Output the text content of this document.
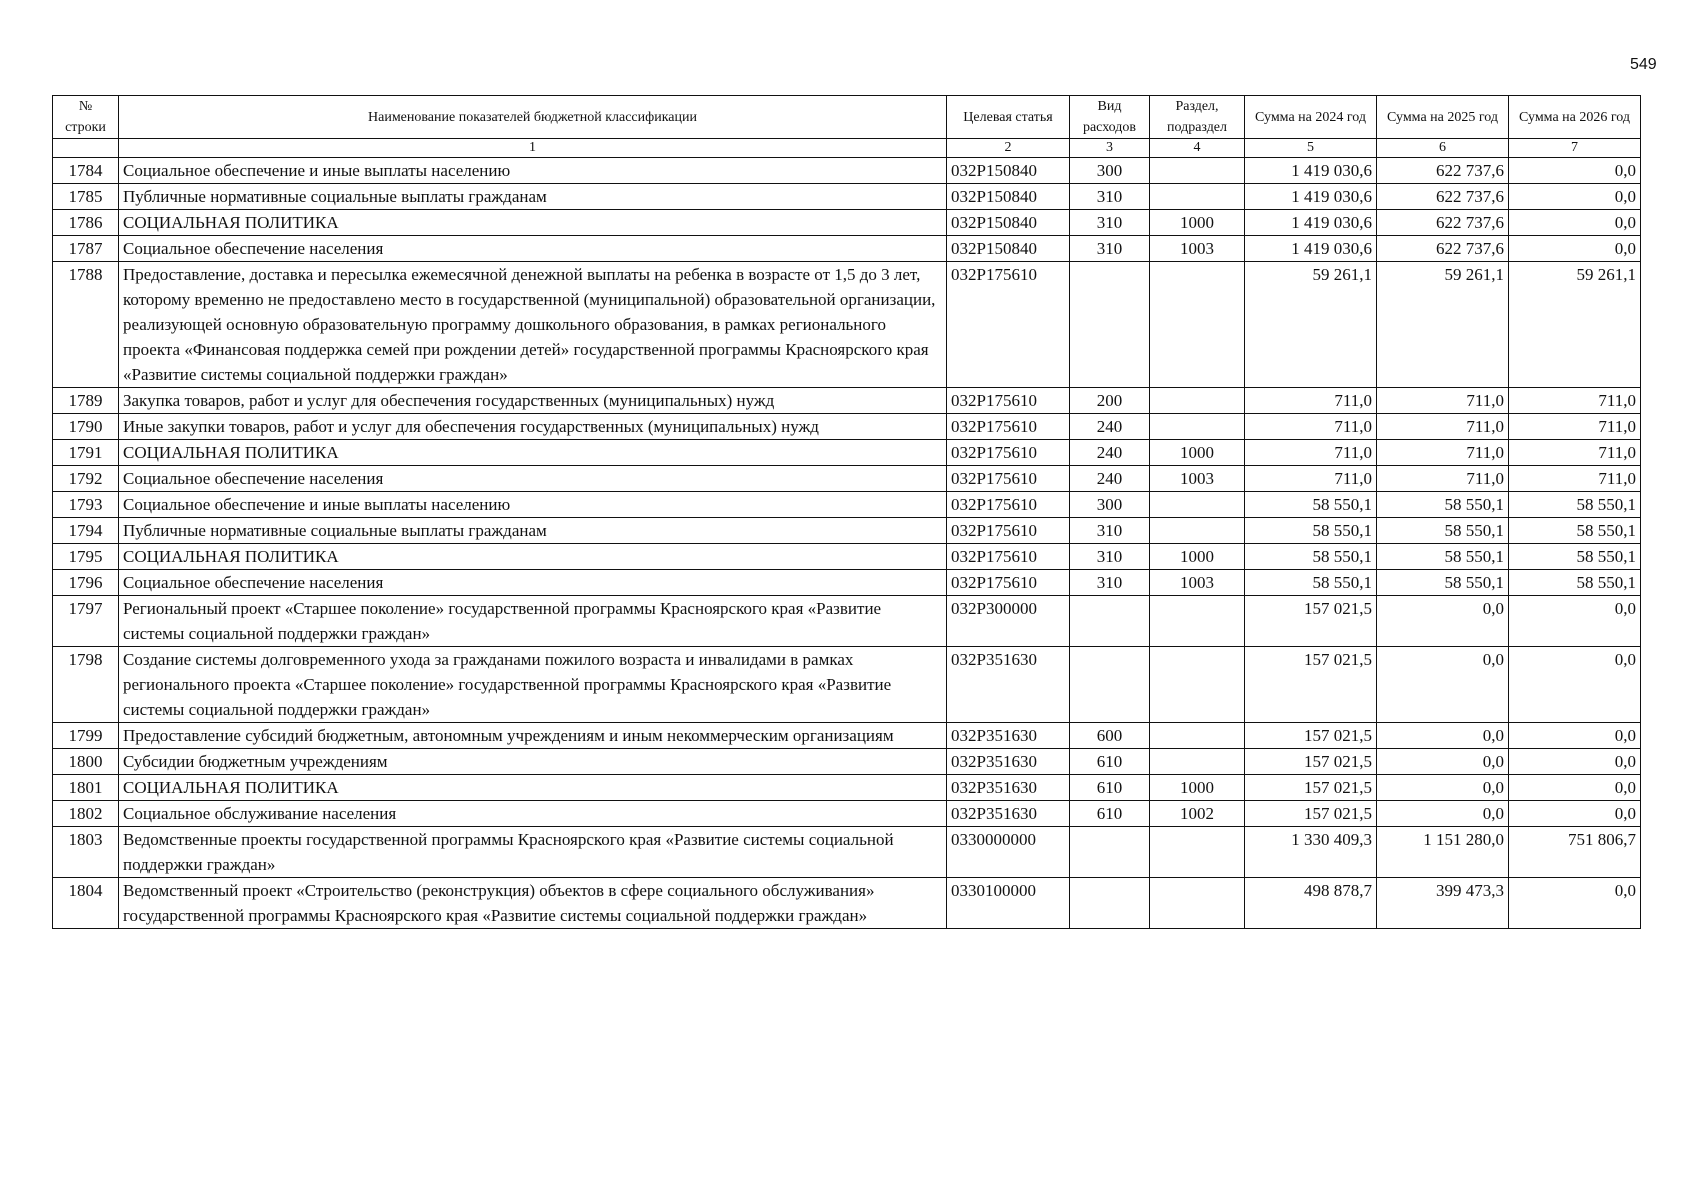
549
№
строки	Наименование показателей бюджетной классификации	Целевая статья	Вид расходов	Раздел, подраздел	Сумма на 2024 год	Сумма на 2025 год	Сумма на 2026 год
	1	2	3	4	5	6	7
1784	Социальное обеспечение и иные выплаты населению	032P150840	300		1 419 030,6	622 737,6	0,0
1785	Публичные нормативные социальные выплаты гражданам	032P150840	310		1 419 030,6	622 737,6	0,0
1786	СОЦИАЛЬНАЯ ПОЛИТИКА	032P150840	310	1000	1 419 030,6	622 737,6	0,0
1787	Социальное обеспечение населения	032P150840	310	1003	1 419 030,6	622 737,6	0,0
1788	Предоставление, доставка и пересылка ежемесячной денежной выплаты на ребенка в возрасте от 1,5 до 3 лет, которому временно не предоставлено место в государственной (муниципальной) образовательной организации, реализующей основную образовательную программу дошкольного образования, в рамках регионального проекта «Финансовая поддержка семей при рождении детей» государственной программы Красноярского края «Развитие системы социальной поддержки граждан»	032P175610			59 261,1	59 261,1	59 261,1
1789	Закупка товаров, работ и услуг для обеспечения государственных (муниципальных) нужд	032P175610	200		711,0	711,0	711,0
1790	Иные закупки товаров, работ и услуг для обеспечения государственных (муниципальных) нужд	032P175610	240		711,0	711,0	711,0
1791	СОЦИАЛЬНАЯ ПОЛИТИКА	032P175610	240	1000	711,0	711,0	711,0
1792	Социальное обеспечение населения	032P175610	240	1003	711,0	711,0	711,0
1793	Социальное обеспечение и иные выплаты населению	032P175610	300		58 550,1	58 550,1	58 550,1
1794	Публичные нормативные социальные выплаты гражданам	032P175610	310		58 550,1	58 550,1	58 550,1
1795	СОЦИАЛЬНАЯ ПОЛИТИКА	032P175610	310	1000	58 550,1	58 550,1	58 550,1
1796	Социальное обеспечение населения	032P175610	310	1003	58 550,1	58 550,1	58 550,1
1797	Региональный проект «Старшее поколение» государственной программы Красноярского края «Развитие системы социальной поддержки граждан»	032P300000			157 021,5	0,0	0,0
1798	Создание системы долговременного ухода за гражданами пожилого возраста и инвалидами в рамках регионального проекта «Старшее поколение» государственной программы Красноярского края «Развитие системы социальной поддержки граждан»	032P351630			157 021,5	0,0	0,0
1799	Предоставление субсидий бюджетным, автономным учреждениям и иным некоммерческим организациям	032P351630	600		157 021,5	0,0	0,0
1800	Субсидии бюджетным учреждениям	032P351630	610		157 021,5	0,0	0,0
1801	СОЦИАЛЬНАЯ ПОЛИТИКА	032P351630	610	1000	157 021,5	0,0	0,0
1802	Социальное обслуживание населения	032P351630	610	1002	157 021,5	0,0	0,0
1803	Ведомственные проекты государственной программы Красноярского края «Развитие системы социальной поддержки граждан»	0330000000			1 330 409,3	1 151 280,0	751 806,7
1804	Ведомственный проект «Строительство (реконструкция) объектов в сфере социального обслуживания» государственной программы Красноярского края «Развитие системы социальной поддержки граждан»	0330100000			498 878,7	399 473,3	0,0
